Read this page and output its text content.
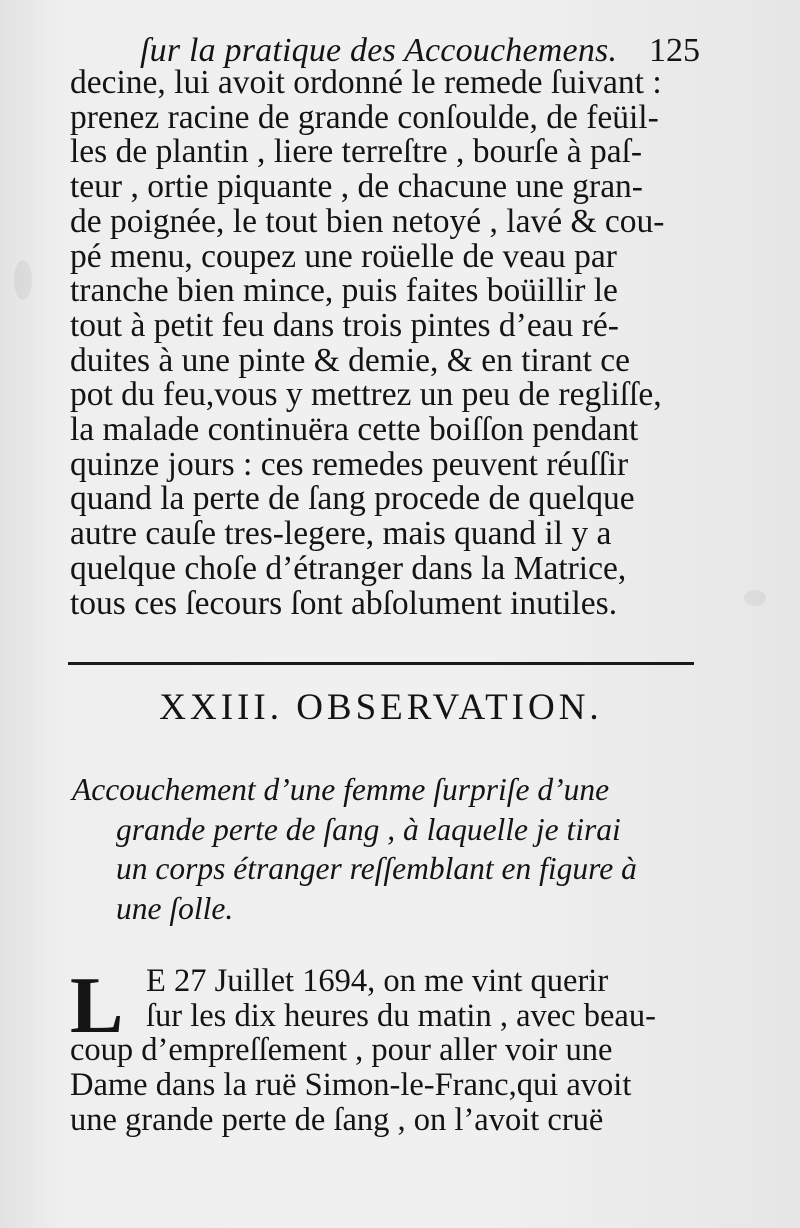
ſur la pratique des Accouchemens. 125
decine, lui avoit ordonné le remede ſuivant :
prenez racine de grande conſoulde, de feüil-
les de plantin , liere terreſtre , bourſe à paſ-
teur , ortie piquante , de chacune une gran-
de poignée, le tout bien netoyé , lavé & cou-
pé menu, coupez une roüelle de veau par
tranche bien mince, puis faites boüillir le
tout à petit feu dans trois pintes d’eau ré-
duites à une pinte & demie, & en tirant ce
pot du feu,vous y mettrez un peu de regliſſe,
la malade continuëra cette boiſſon pendant
quinze jours : ces remedes peuvent réuſſir
quand la perte de ſang procede de quelque
autre cauſe tres-legere, mais quand il y a
quelque choſe d’étranger dans la Matrice,
tous ces ſecours ſont abſolument inutiles.
XXIII. OBSERVATION.
Accouchement d’une femme ſurpriſe d’une
grande perte de ſang , à laquelle je tirai
un corps étranger reſſemblant en figure à
une ſolle.
L E 27 Juillet 1694, on me vint querir
ſur les dix heures du matin , avec beau-
coup d’empreſſement , pour aller voir une
Dame dans la ruë Simon-le-Franc,qui avoit
une grande perte de ſang , on l’avoit cruë
